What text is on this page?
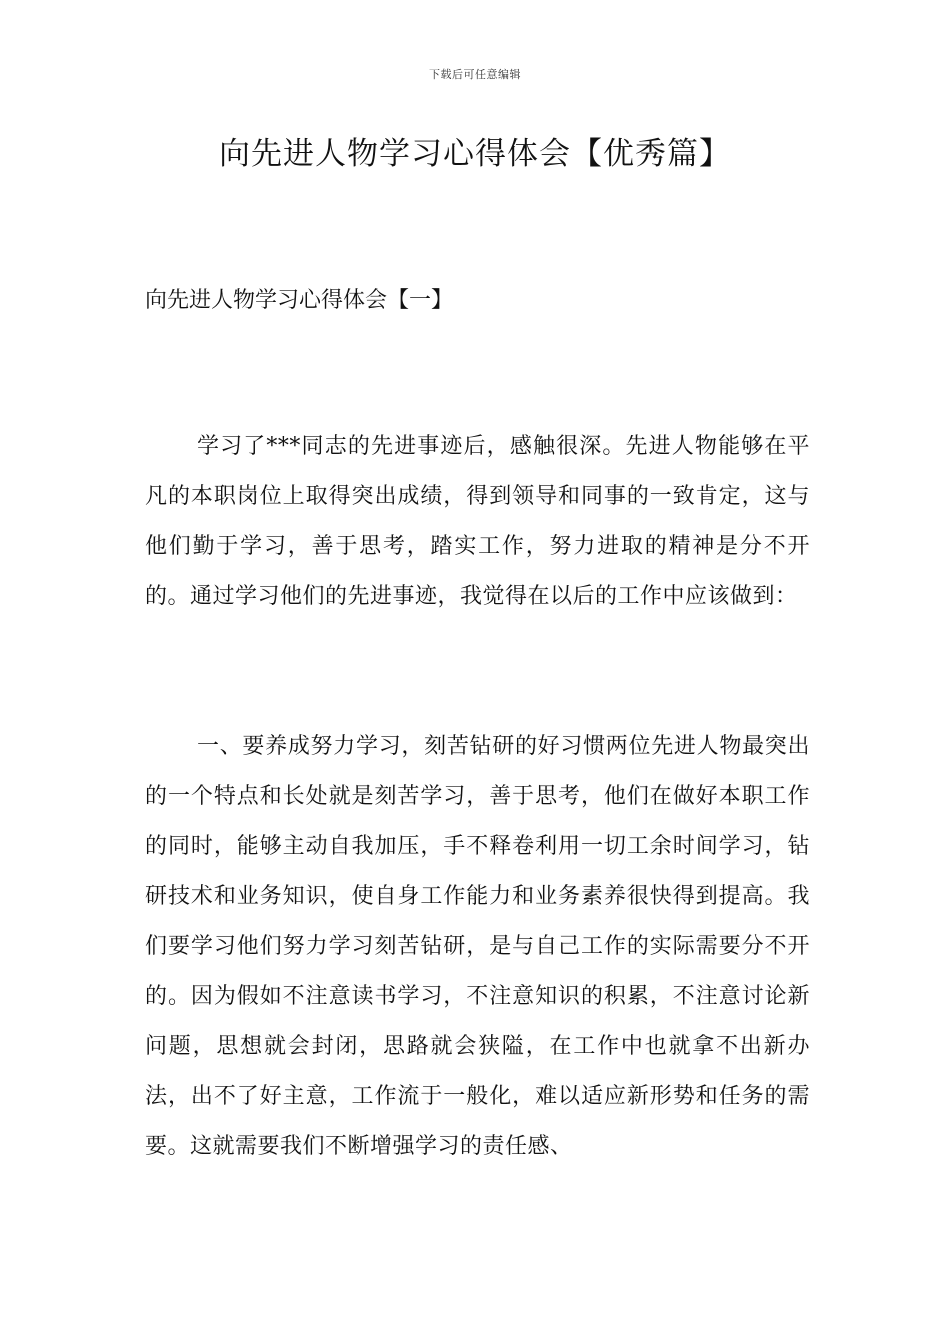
下载后可任意编辑
向先进人物学习心得体会【优秀篇】
向先进人物学习心得体会【一】

学习了***同志的先进事迹后，感触很深。先进人物能够在平凡的本职岗位上取得突出成绩，得到领导和同事的一致肯定，这与他们勤于学习，善于思考，踏实工作，努力进取的精神是分不开的。通过学习他们的先进事迹，我觉得在以后的工作中应该做到：

一、要养成努力学习，刻苦钻研的好习惯两位先进人物最突出的一个特点和长处就是刻苦学习，善于思考，他们在做好本职工作的同时，能够主动自我加压，手不释卷利用一切工余时间学习，钻研技术和业务知识，使自身工作能力和业务素养很快得到提高。我们要学习他们努力学习刻苦钻研，是与自己工作的实际需要分不开的。因为假如不注意读书学习，不注意知识的积累，不注意讨论新问题，思想就会封闭，思路就会狭隘，在工作中也就拿不出新办法，出不了好主意，工作流于一般化，难以适应新形势和任务的需要。这就需要我们不断增强学习的责任感、
